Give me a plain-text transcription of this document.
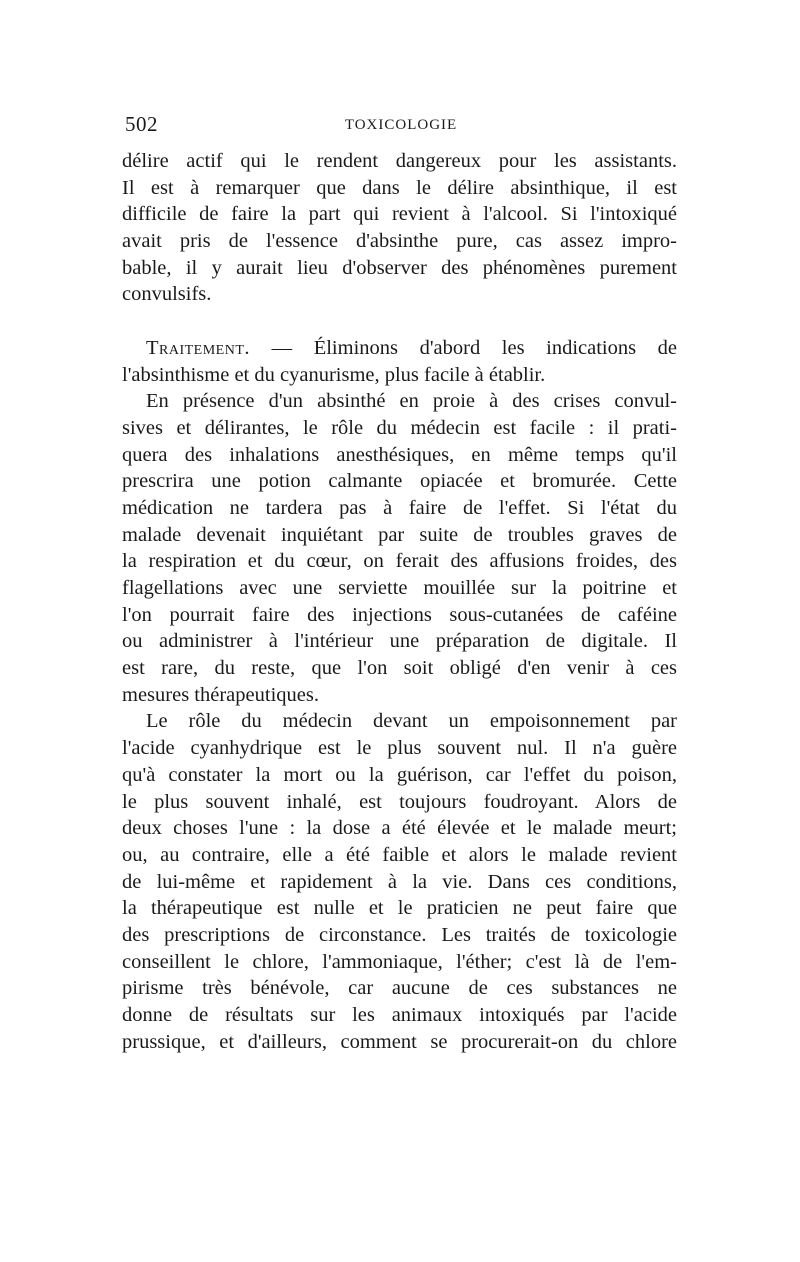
502	TOXICOLOGIE
délire actif qui le rendent dangereux pour les assistants.
Il est à remarquer que dans le délire absinthique, il est
difficile de faire la part qui revient à l'alcool. Si l'intoxiqué
avait pris de l'essence d'absinthe pure, cas assez impro-
bable, il y aurait lieu d'observer des phénomènes purement
convulsifs.
Traitement. — Éliminons d'abord les indications de
l'absinthisme et du cyanurisme, plus facile à établir.
En présence d'un absinthé en proie à des crises convul-
sives et délirantes, le rôle du médecin est facile : il prati-
quera des inhalations anesthésiques, en même temps qu'il
prescrira une potion calmante opiacée et bromurée. Cette
médication ne tardera pas à faire de l'effet. Si l'état du
malade devenait inquiétant par suite de troubles graves de
la respiration et du cœur, on ferait des affusions froides, des
flagellations avec une serviette mouillée sur la poitrine et
l'on pourrait faire des injections sous-cutanées de caféine
ou administrer à l'intérieur une préparation de digitale. Il
est rare, du reste, que l'on soit obligé d'en venir à ces
mesures thérapeutiques.
Le rôle du médecin devant un empoisonnement par
l'acide cyanhydrique est le plus souvent nul. Il n'a guère
qu'à constater la mort ou la guérison, car l'effet du poison,
le plus souvent inhalé, est toujours foudroyant. Alors de
deux choses l'une : la dose a été élevée et le malade meurt;
ou, au contraire, elle a été faible et alors le malade revient
de lui-même et rapidement à la vie. Dans ces conditions,
la thérapeutique est nulle et le praticien ne peut faire que
des prescriptions de circonstance. Les traités de toxicologie
conseillent le chlore, l'ammoniaque, l'éther; c'est là de l'em-
pirisme très bénévole, car aucune de ces substances ne
donne de résultats sur les animaux intoxiqués par l'acide
prussique, et d'ailleurs, comment se procurerait-on du chlore
